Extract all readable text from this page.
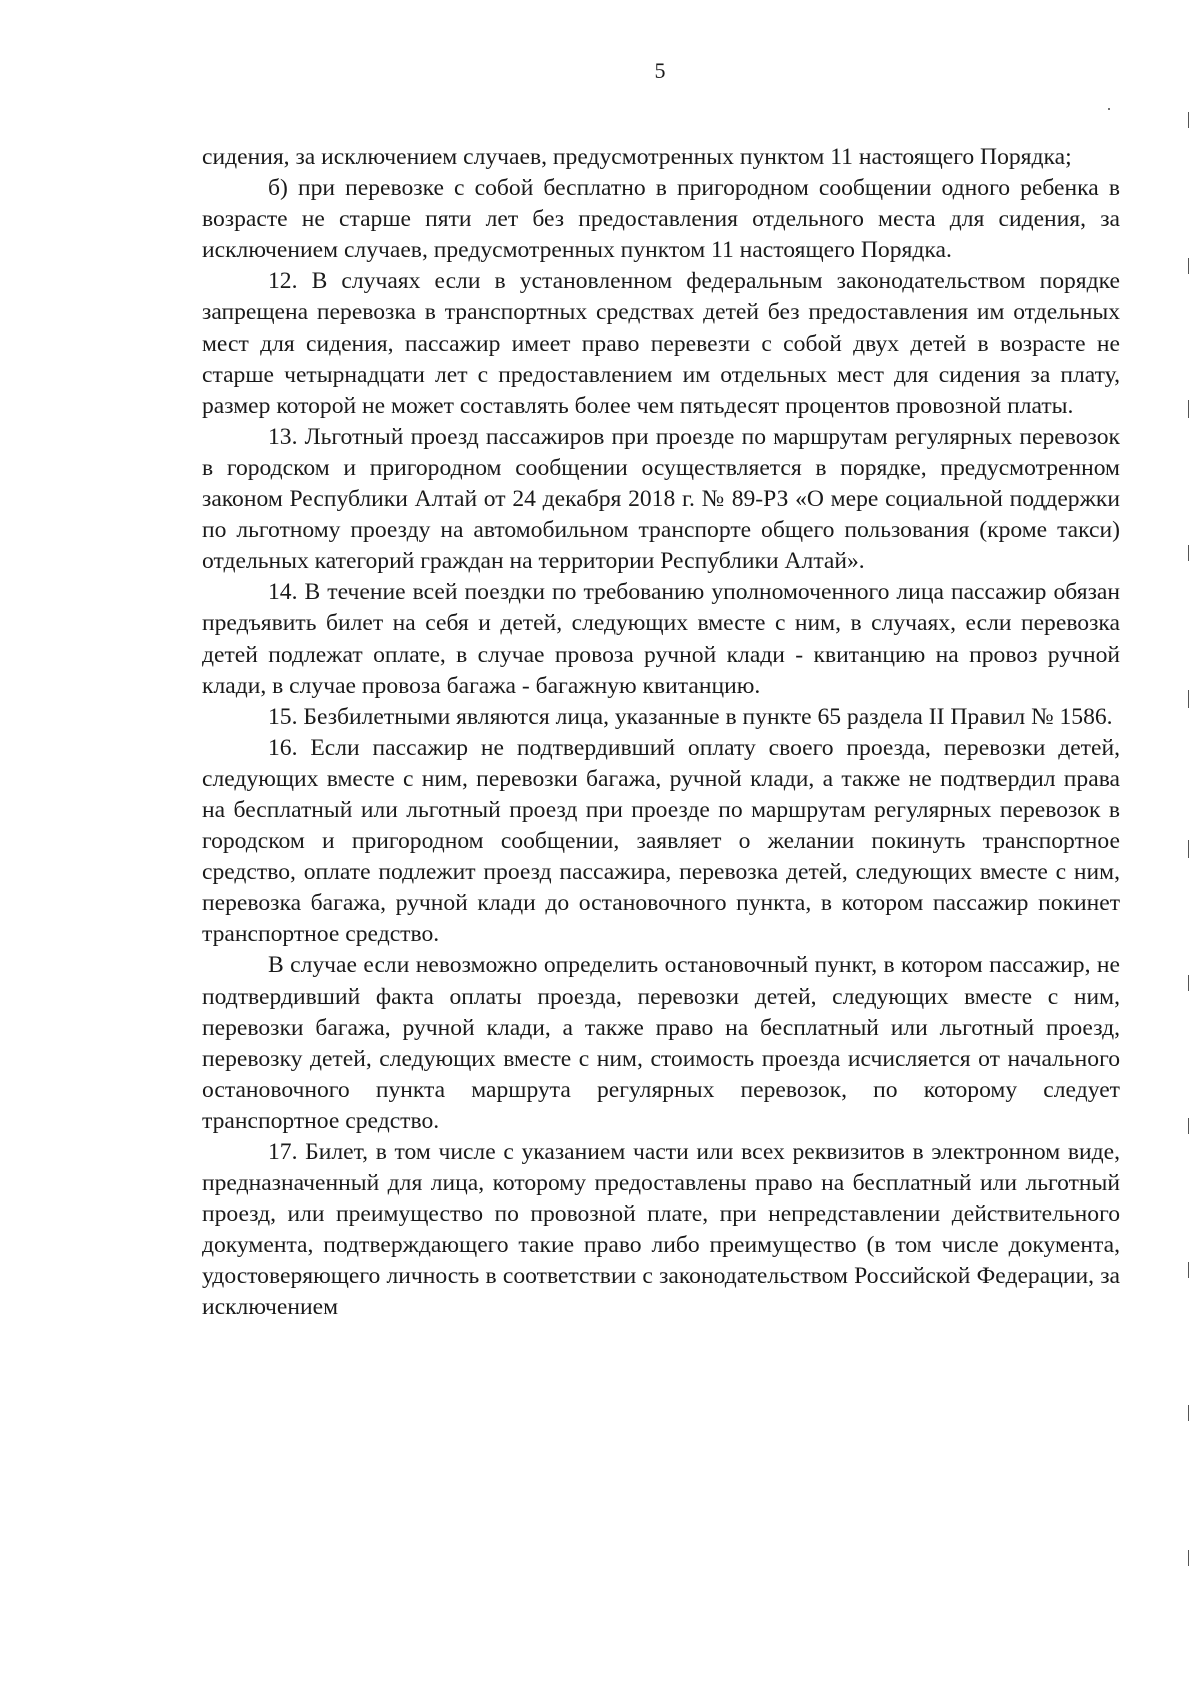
5

сидения, за исключением случаев, предусмотренных пунктом 11 настоящего Порядка;

б) при перевозке с собой бесплатно в пригородном сообщении одного ребенка в возрасте не старше пяти лет без предоставления отдельного места для сидения, за исключением случаев, предусмотренных пунктом 11 настоящего Порядка.

12. В случаях если в установленном федеральным законодательством порядке запрещена перевозка в транспортных средствах детей без предоставления им отдельных мест для сидения, пассажир имеет право перевезти с собой двух детей в возрасте не старше четырнадцати лет с предоставлением им отдельных мест для сидения за плату, размер которой не может составлять более чем пятьдесят процентов провозной платы.

13. Льготный проезд пассажиров при проезде по маршрутам регулярных перевозок в городском и пригородном сообщении осуществляется в порядке, предусмотренном законом Республики Алтай от 24 декабря 2018 г. № 89-РЗ «О мере социальной поддержки по льготному проезду на автомобильном транспорте общего пользования (кроме такси) отдельных категорий граждан на территории Республики Алтай».

14. В течение всей поездки по требованию уполномоченного лица пассажир обязан предъявить билет на себя и детей, следующих вместе с ним, в случаях, если перевозка детей подлежат оплате, в случае провоза ручной клади - квитанцию на провоз ручной клади, в случае провоза багажа - багажную квитанцию.

15. Безбилетными являются лица, указанные в пункте 65 раздела II Правил № 1586.

16. Если пассажир не подтвердивший оплату своего проезда, перевозки детей, следующих вместе с ним, перевозки багажа, ручной клади, а также не подтвердил права на бесплатный или льготный проезд при проезде по маршрутам регулярных перевозок в городском и пригородном сообщении, заявляет о желании покинуть транспортное средство, оплате подлежит проезд пассажира, перевозка детей, следующих вместе с ним, перевозка багажа, ручной клади до остановочного пункта, в котором пассажир покинет транспортное средство.

В случае если невозможно определить остановочный пункт, в котором пассажир, не подтвердивший факта оплаты проезда, перевозки детей, следующих вместе с ним, перевозки багажа, ручной клади, а также право на бесплатный или льготный проезд, перевозку детей, следующих вместе с ним, стоимость проезда исчисляется от начального остановочного пункта маршрута регулярных перевозок, по которому следует транспортное средство.

17. Билет, в том числе с указанием части или всех реквизитов в электронном виде, предназначенный для лица, которому предоставлены право на бесплатный или льготный проезд, или преимущество по провозной плате, при непредставлении действительного документа, подтверждающего такие право либо преимущество (в том числе документа, удостоверяющего личность в соответствии с законодательством Российской Федерации, за исключением
